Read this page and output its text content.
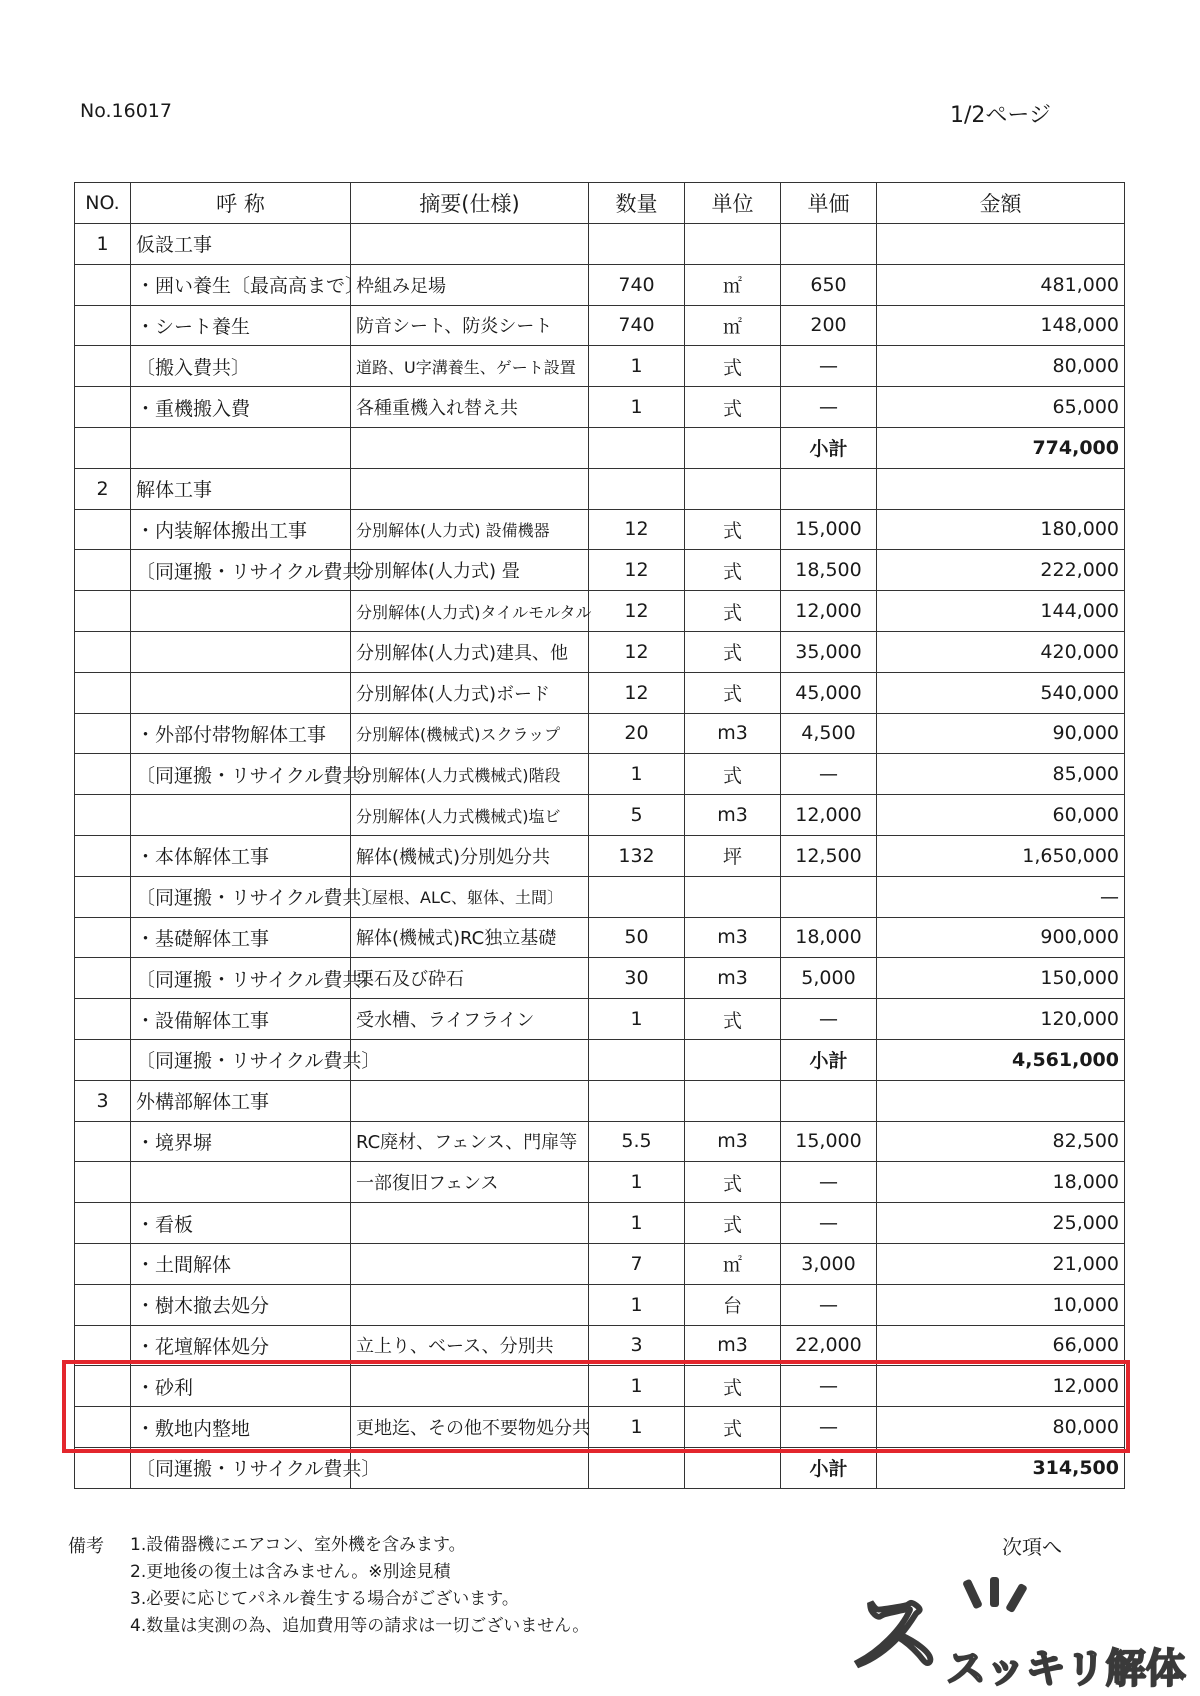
No.16017	1/2ページ
NO.	呼 称	摘要(仕様)	数量	単位	単価	金額
1	仮設工事					
	・囲い養生〔最高高まで〕	枠組み足場	740	㎡	650	481,000
	・シート養生	防音シート、防炎シート	740	㎡	200	148,000
	〔搬入費共〕	道路、U字溝養生、ゲート設置	1	式	—	80,000
	・重機搬入費	各種重機入れ替え共	1	式	—	65,000
					小計	774,000
2	解体工事					
	・内装解体搬出工事	分別解体(人力式) 設備機器	12	式	15,000	180,000
	〔同運搬・リサイクル費共〕	分別解体(人力式) 畳	12	式	18,500	222,000
		分別解体(人力式)タイルモルタル	12	式	12,000	144,000
		分別解体(人力式)建具、他	12	式	35,000	420,000
		分別解体(人力式)ボード	12	式	45,000	540,000
	・外部付帯物解体工事	分別解体(機械式)スクラップ	20	m3	4,500	90,000
	〔同運搬・リサイクル費共〕	分別解体(人力式機械式)階段	1	式	—	85,000
		分別解体(人力式機械式)塩ビ	5	m3	12,000	60,000
	・本体解体工事	解体(機械式)分別処分共	132	坪	12,500	1,650,000
	〔同運搬・リサイクル費共〕	〔屋根、ALC、躯体、土間〕				—
	・基礎解体工事	解体(機械式)RC独立基礎	50	m3	18,000	900,000
	〔同運搬・リサイクル費共〕	栗石及び砕石	30	m3	5,000	150,000
	・設備解体工事	受水槽、ライフライン	1	式	—	120,000
	〔同運搬・リサイクル費共〕				小計	4,561,000
3	外構部解体工事					
	・境界塀	RC廃材、フェンス、門扉等	5.5	m3	15,000	82,500
		一部復旧フェンス	1	式	—	18,000
	・看板		1	式	—	25,000
	・土間解体		7	㎡	3,000	21,000
	・樹木撤去処分		1	台	—	10,000
	・花壇解体処分	立上り、ベース、分別共	3	m3	22,000	66,000
	・砂利		1	式	—	12,000
	・敷地内整地	更地迄、その他不要物処分共	1	式	—	80,000
	〔同運搬・リサイクル費共〕				小計	314,500
備考 1.設備器機にエアコン、室外機を含みます。
2.更地後の復土は含みません。※別途見積
3.必要に応じてパネル養生する場合がございます。
4.数量は実測の為、追加費用等の請求は一切ございません。
次項へ
ス スッキリ解体
